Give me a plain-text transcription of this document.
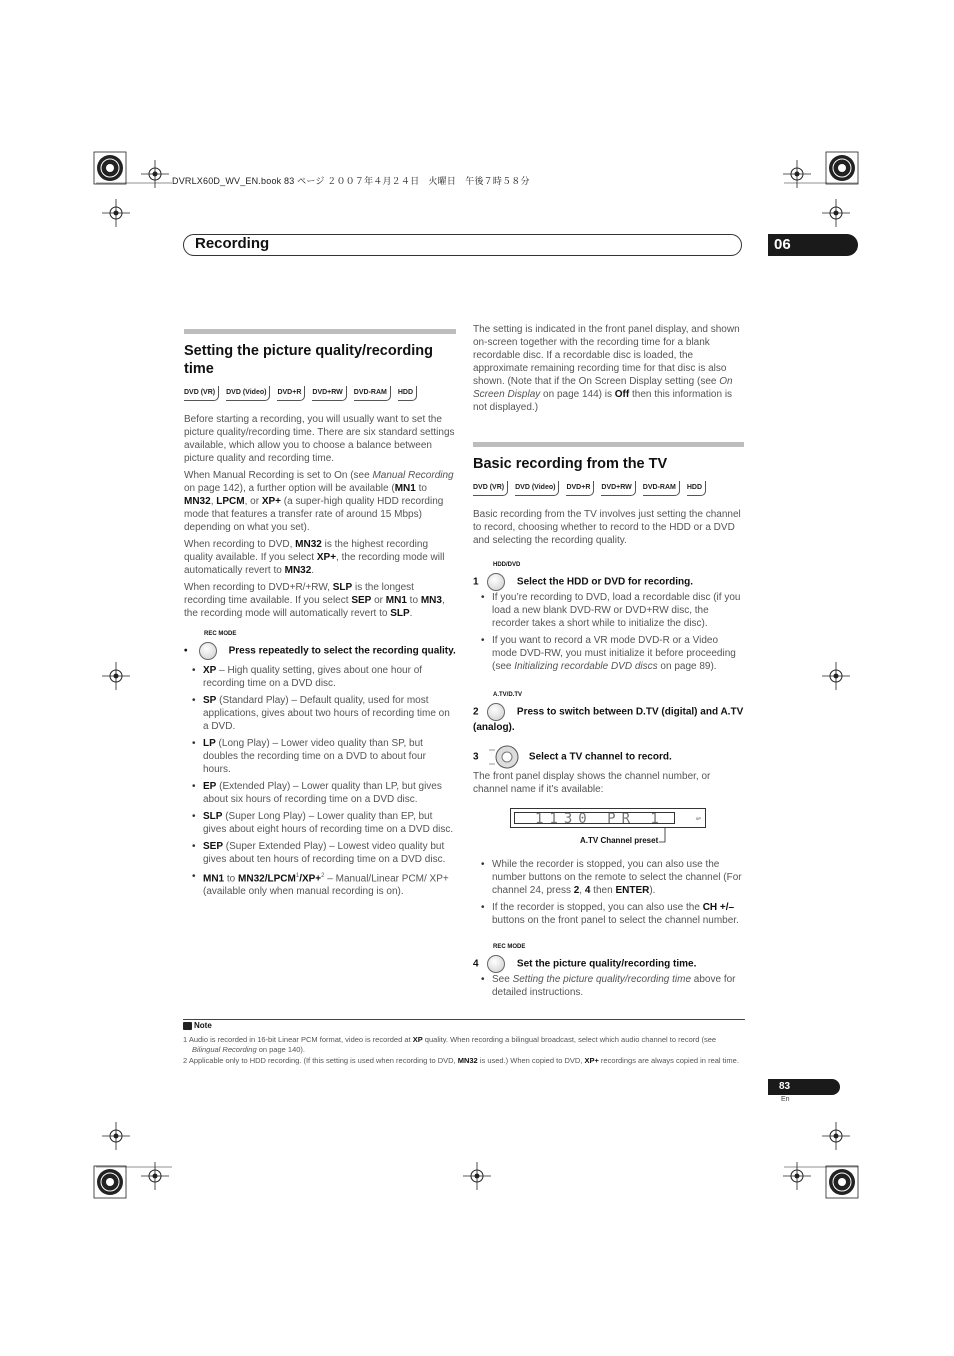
DVRLX60D_WV_EN.book 83 ページ ２００７年４月２４日　火曜日　午後７時５８分
Recording	06
Setting the picture quality/recording time
DVD (VR)	DVD (Video)	DVD+R	DVD+RW	DVD-RAM	HDD

Before starting a recording, you will usually want to set the picture quality/recording time. There are six standard settings available, which allow you to choose a balance between picture quality and recording time.

When Manual Recording is set to On (see Manual Recording on page 142), a further option will be available (MN1 to MN32, LPCM, or XP+ (a super-high quality HDD recording mode that features a transfer rate of around 15 Mbps) depending on what you set).

When recording to DVD, MN32 is the highest recording quality available. If you select XP+, the recording mode will automatically revert to MN32.

When recording to DVD+R/+RW, SLP is the longest recording time available. If you select SEP or MN1 to MN3, the recording mode will automatically revert to SLP.

REC MODE

•	Press repeatedly to select the recording quality.

• XP – High quality setting, gives about one hour of recording time on a DVD disc.
• SP (Standard Play) – Default quality, used for most applications, gives about two hours of recording time on a DVD.
• LP (Long Play) – Lower video quality than SP, but doubles the recording time on a DVD to about four hours.
• EP (Extended Play) – Lower quality than LP, but gives about six hours of recording time on a DVD disc.
• SLP (Super Long Play) – Lower quality than EP, but gives about eight hours of recording time on a DVD disc.
• SEP (Super Extended Play) – Lowest video quality but gives about ten hours of recording time on a DVD disc.
• MN1 to $MN32/LPCM^1/XP+^2$ – Manual/Linear PCM/ XP+ (available only when manual recording is on).

The setting is indicated in the front panel display, and shown on-screen together with the recording time for a blank recordable disc. If a recordable disc is loaded, the approximate remaining recording time for that disc is also shown. (Note that if the On Screen Display setting (see On Screen Display on page 144) is Off then this information is not displayed.)

Basic recording from the TV
DVD (VR)	DVD (Video)	DVD+R	DVD+RW	DVD-RAM	HDD

Basic recording from the TV involves just setting the channel to record, choosing whether to record to the HDD or a DVD and selecting the recording quality.

HDD/DVD

1	Select the HDD or DVD for recording.

• If you’re recording to DVD, load a recordable disc (if you load a new blank DVD-RW or DVD+RW disc, the recorder takes a short while to initialize the disc).
• If you want to record a VR mode DVD-R or a Video mode DVD-RW, you must initialize it before proceeding (see Initializing recordable DVD discs on page 89).
A.TV/D.TV

2	Press to switch between D.TV (digital) and A.TV (analog).

3	Select a TV channel to record.

The front panel display shows the channel number, or channel name if it’s available:

1130 PR 1	XP
A.TV Channel preset
• While the recorder is stopped, you can also use the number buttons on the remote to select the channel (For channel 24, press 2, 4 then ENTER).
• If the recorder is stopped, you can also use the CH +/– buttons on the front panel to select the channel number.
REC MODE

4	Set the picture quality/recording time.

• See Setting the picture quality/recording time above for detailed instructions.
Note

1 Audio is recorded in 16-bit Linear PCM format, video is recorded at XP quality. When recording a bilingual broadcast, select which audio channel to record (see Bilingual Recording on page 140).

2 Applicable only to HDD recording. (If this setting is used when recording to DVD, MN32 is used.) When copied to DVD, XP+ recordings are always copied in real time.

83
En
